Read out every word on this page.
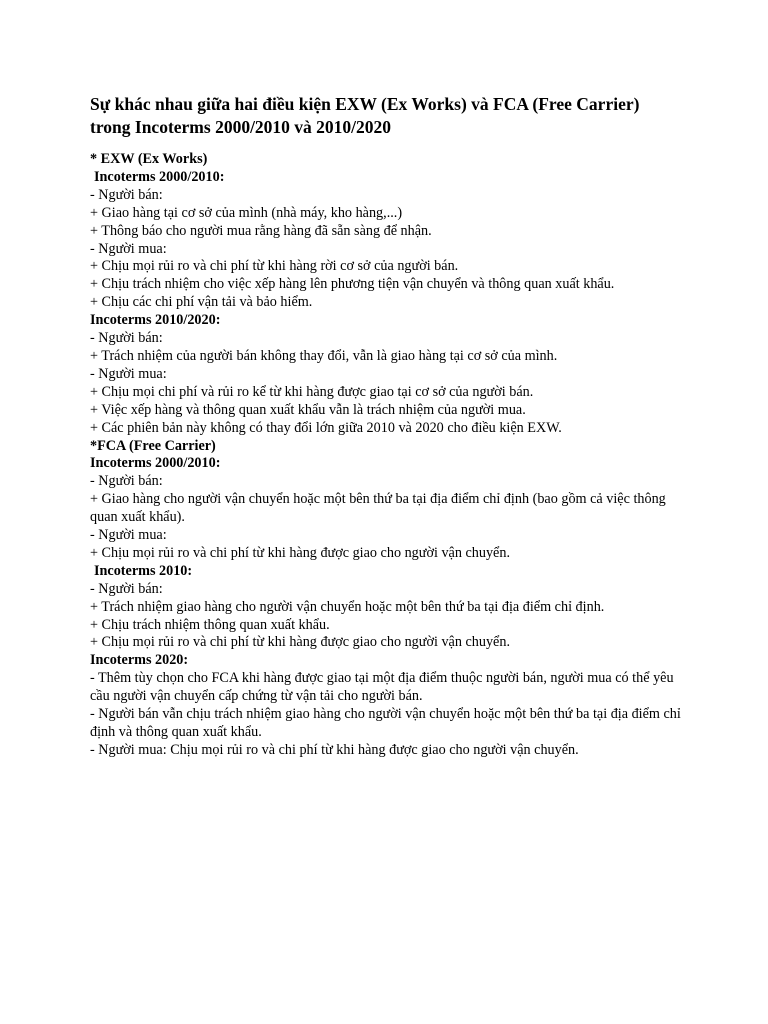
Sự khác nhau giữa hai điều kiện EXW (Ex Works) và FCA (Free Carrier)
trong Incoterms 2000/2010 và 2010/2020
* EXW (Ex Works)
Incoterms 2000/2010:
- Người bán:
+ Giao hàng tại cơ sở của mình (nhà máy, kho hàng,...)
+ Thông báo cho người mua rằng hàng đã sẵn sàng để nhận.
- Người mua:
+ Chịu mọi rủi ro và chi phí từ khi hàng rời cơ sở của người bán.
+ Chịu trách nhiệm cho việc xếp hàng lên phương tiện vận chuyển và thông quan xuất khẩu.
+ Chịu các chi phí vận tải và bảo hiểm.
Incoterms 2010/2020:
- Người bán:
+ Trách nhiệm của người bán không thay đổi, vẫn là giao hàng tại cơ sở của mình.
- Người mua:
+ Chịu mọi chi phí và rủi ro kể từ khi hàng được giao tại cơ sở của người bán.
+ Việc xếp hàng và thông quan xuất khẩu vẫn là trách nhiệm của người mua.
+ Các phiên bản này không có thay đổi lớn giữa 2010 và 2020 cho điều kiện EXW.
*FCA (Free Carrier)
Incoterms 2000/2010:
- Người bán:
+ Giao hàng cho người vận chuyển hoặc một bên thứ ba tại địa điểm chỉ định (bao gồm cả việc thông quan xuất khẩu).
- Người mua:
+ Chịu mọi rủi ro và chi phí từ khi hàng được giao cho người vận chuyển.
Incoterms 2010:
- Người bán:
+ Trách nhiệm giao hàng cho người vận chuyển hoặc một bên thứ ba tại địa điểm chỉ định.
+ Chịu trách nhiệm thông quan xuất khẩu.
+ Chịu mọi rủi ro và chi phí từ khi hàng được giao cho người vận chuyển.
Incoterms 2020:
- Thêm tùy chọn cho FCA khi hàng được giao tại một địa điểm thuộc người bán, người mua có thể yêu cầu người vận chuyển cấp chứng từ vận tải cho người bán.
- Người bán vẫn chịu trách nhiệm giao hàng cho người vận chuyển hoặc một bên thứ ba tại địa điểm chỉ định và thông quan xuất khẩu.
- Người mua: Chịu mọi rủi ro và chi phí từ khi hàng được giao cho người vận chuyển.
